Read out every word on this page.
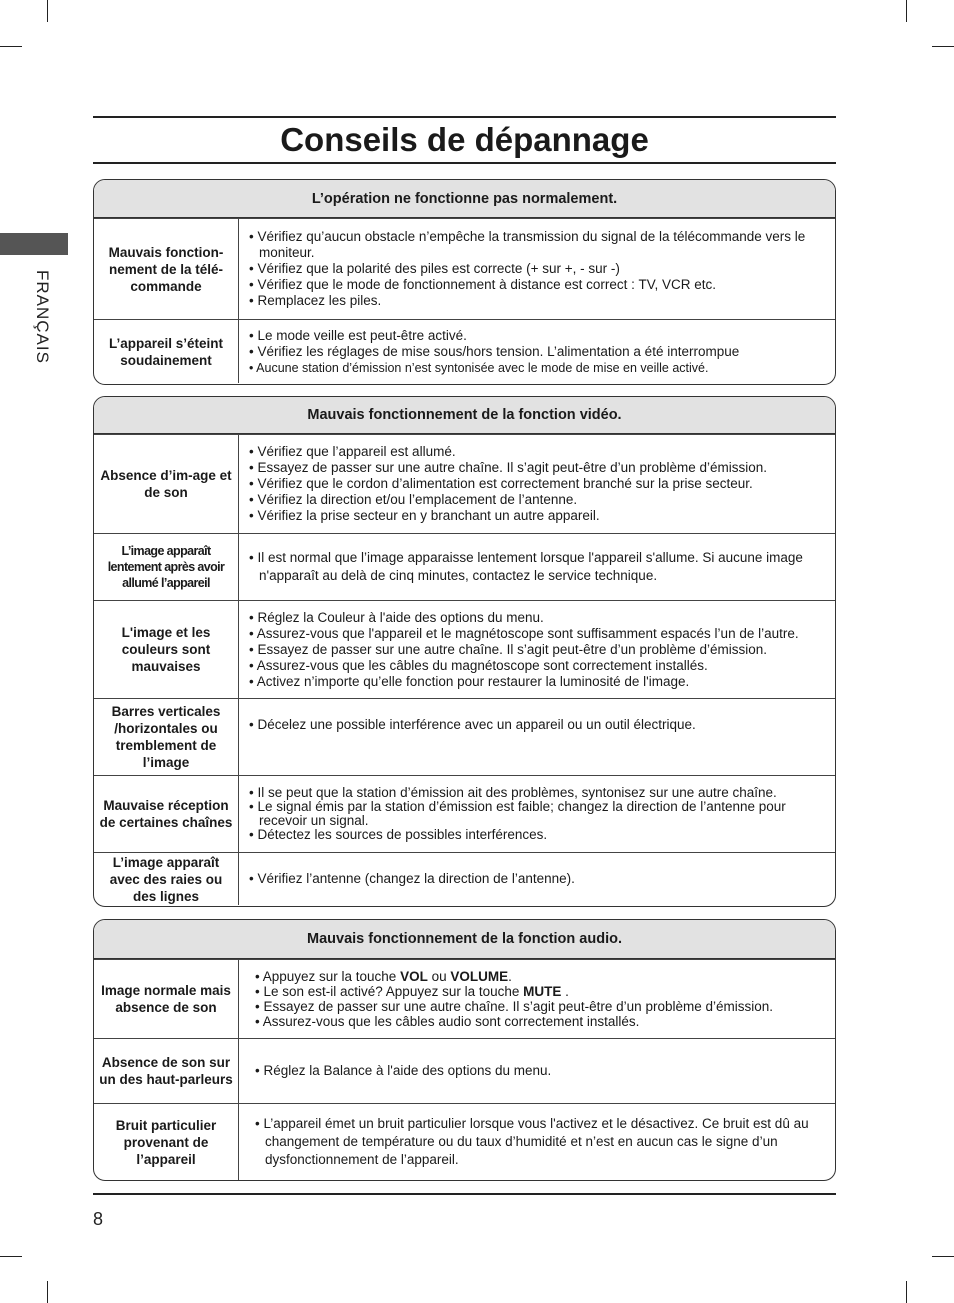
FRANÇAIS
Conseils de dépannage
L’opération ne fonctionne pas normalement.
Mauvais fonction-nement de la télé-commande
• Vérifiez qu’aucun obstacle n’empêche la transmission du signal de la télécommande vers le moniteur.
• Vérifiez que la polarité des piles est correcte (+ sur +, - sur -)
• Vérifiez que le mode de fonctionnement à distance est correct : TV, VCR etc.
• Remplacez les piles.
L’appareil s’éteint soudainement
• Le mode veille est peut-être activé.
• Vérifiez les réglages de mise sous/hors tension. L’alimentation a été interrompue
• Aucune station d’émission n’est syntonisée avec le mode de mise en veille activé.
Mauvais fonctionnement de la fonction vidéo.
Absence d’im-age et de son
• Vérifiez que l’appareil est allumé.
• Essayez de passer sur une autre chaîne. Il s’agit peut-être d’un problème d’émission.
• Vérifiez que le cordon d’alimentation est correctement branché sur la prise secteur.
• Vérifiez la direction et/ou l’emplacement de l’antenne.
• Vérifiez la prise secteur en y branchant un autre appareil.
L’image apparaît lentement après avoir allumé l’appareil
• Il est normal que l’image apparaisse lentement lorsque l'appareil s'allume. Si aucune image n'apparaît au delà de cinq minutes, contactez le service technique.
L'image et les couleurs sont mauvaises
• Réglez la Couleur à l'aide des options du menu.
• Assurez-vous que l'appareil et le magnétoscope sont suffisamment espacés l’un de l’autre.
• Essayez de passer sur une autre chaîne. Il s’agit peut-être d’un problème d’émission.
• Assurez-vous que les câbles du magnétoscope sont correctement installés.
• Activez n’importe qu’elle fonction pour restaurer la luminosité de l'image.
Barres verticales /horizontales ou tremblement de l’image
• Décelez une possible interférence avec un appareil ou un outil électrique.
Mauvaise réception de certaines chaînes
• Il se peut que la station d’émission ait des problèmes, syntonisez sur une autre chaîne.
• Le signal émis par la station d’émission est faible; changez la direction de l’antenne pour recevoir un signal.
• Détectez les sources de possibles interférences.
L’image apparaît avec des raies ou des lignes
• Vérifiez l’antenne (changez la direction de l’antenne).
Mauvais fonctionnement de la fonction audio.
Image normale mais absence de son
• Appuyez sur la touche VOL ou VOLUME.
• Le son est-il activé? Appuyez sur la touche MUTE .
• Essayez de passer sur une autre chaîne. Il s’agit peut-être d’un problème d’émission.
• Assurez-vous que les câbles audio sont correctement installés.
Absence de son sur un des haut-parleurs
• Réglez la Balance à l'aide des options du menu.
Bruit particulier provenant de l’appareil
• L’appareil émet un bruit particulier lorsque vous l'activez et le désactivez. Ce bruit est dû au changement de température ou du taux d’humidité et n’est en aucun cas le signe d’un dysfonctionnement de l’appareil.
8
